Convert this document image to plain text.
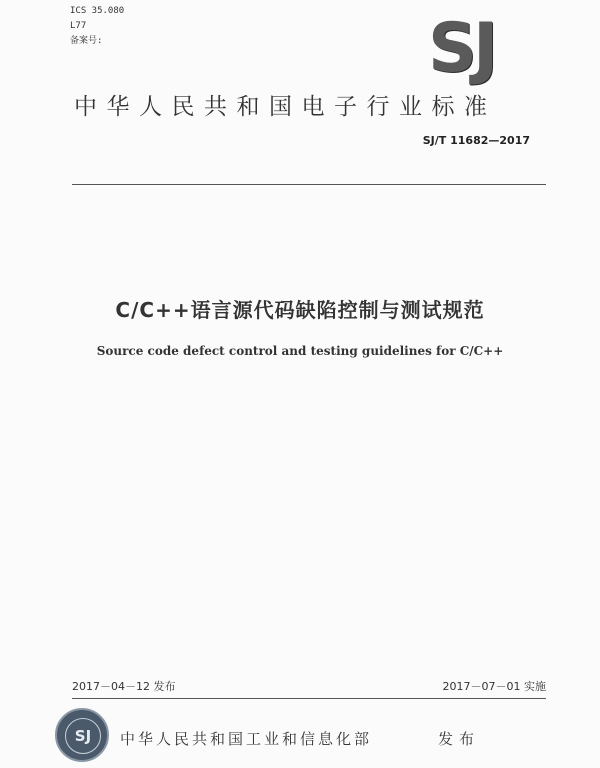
ICS 35.080
L77
备案号:	SJ
中华人民共和国电子行业标准
SJ/T 11682—2017
C/C++语言源代码缺陷控制与测试规范
Source code defect control and testing guidelines for C/C++
2017－04－12 发布	2017－07－01 实施
SJ	中华人民共和国工业和信息化部	发布
